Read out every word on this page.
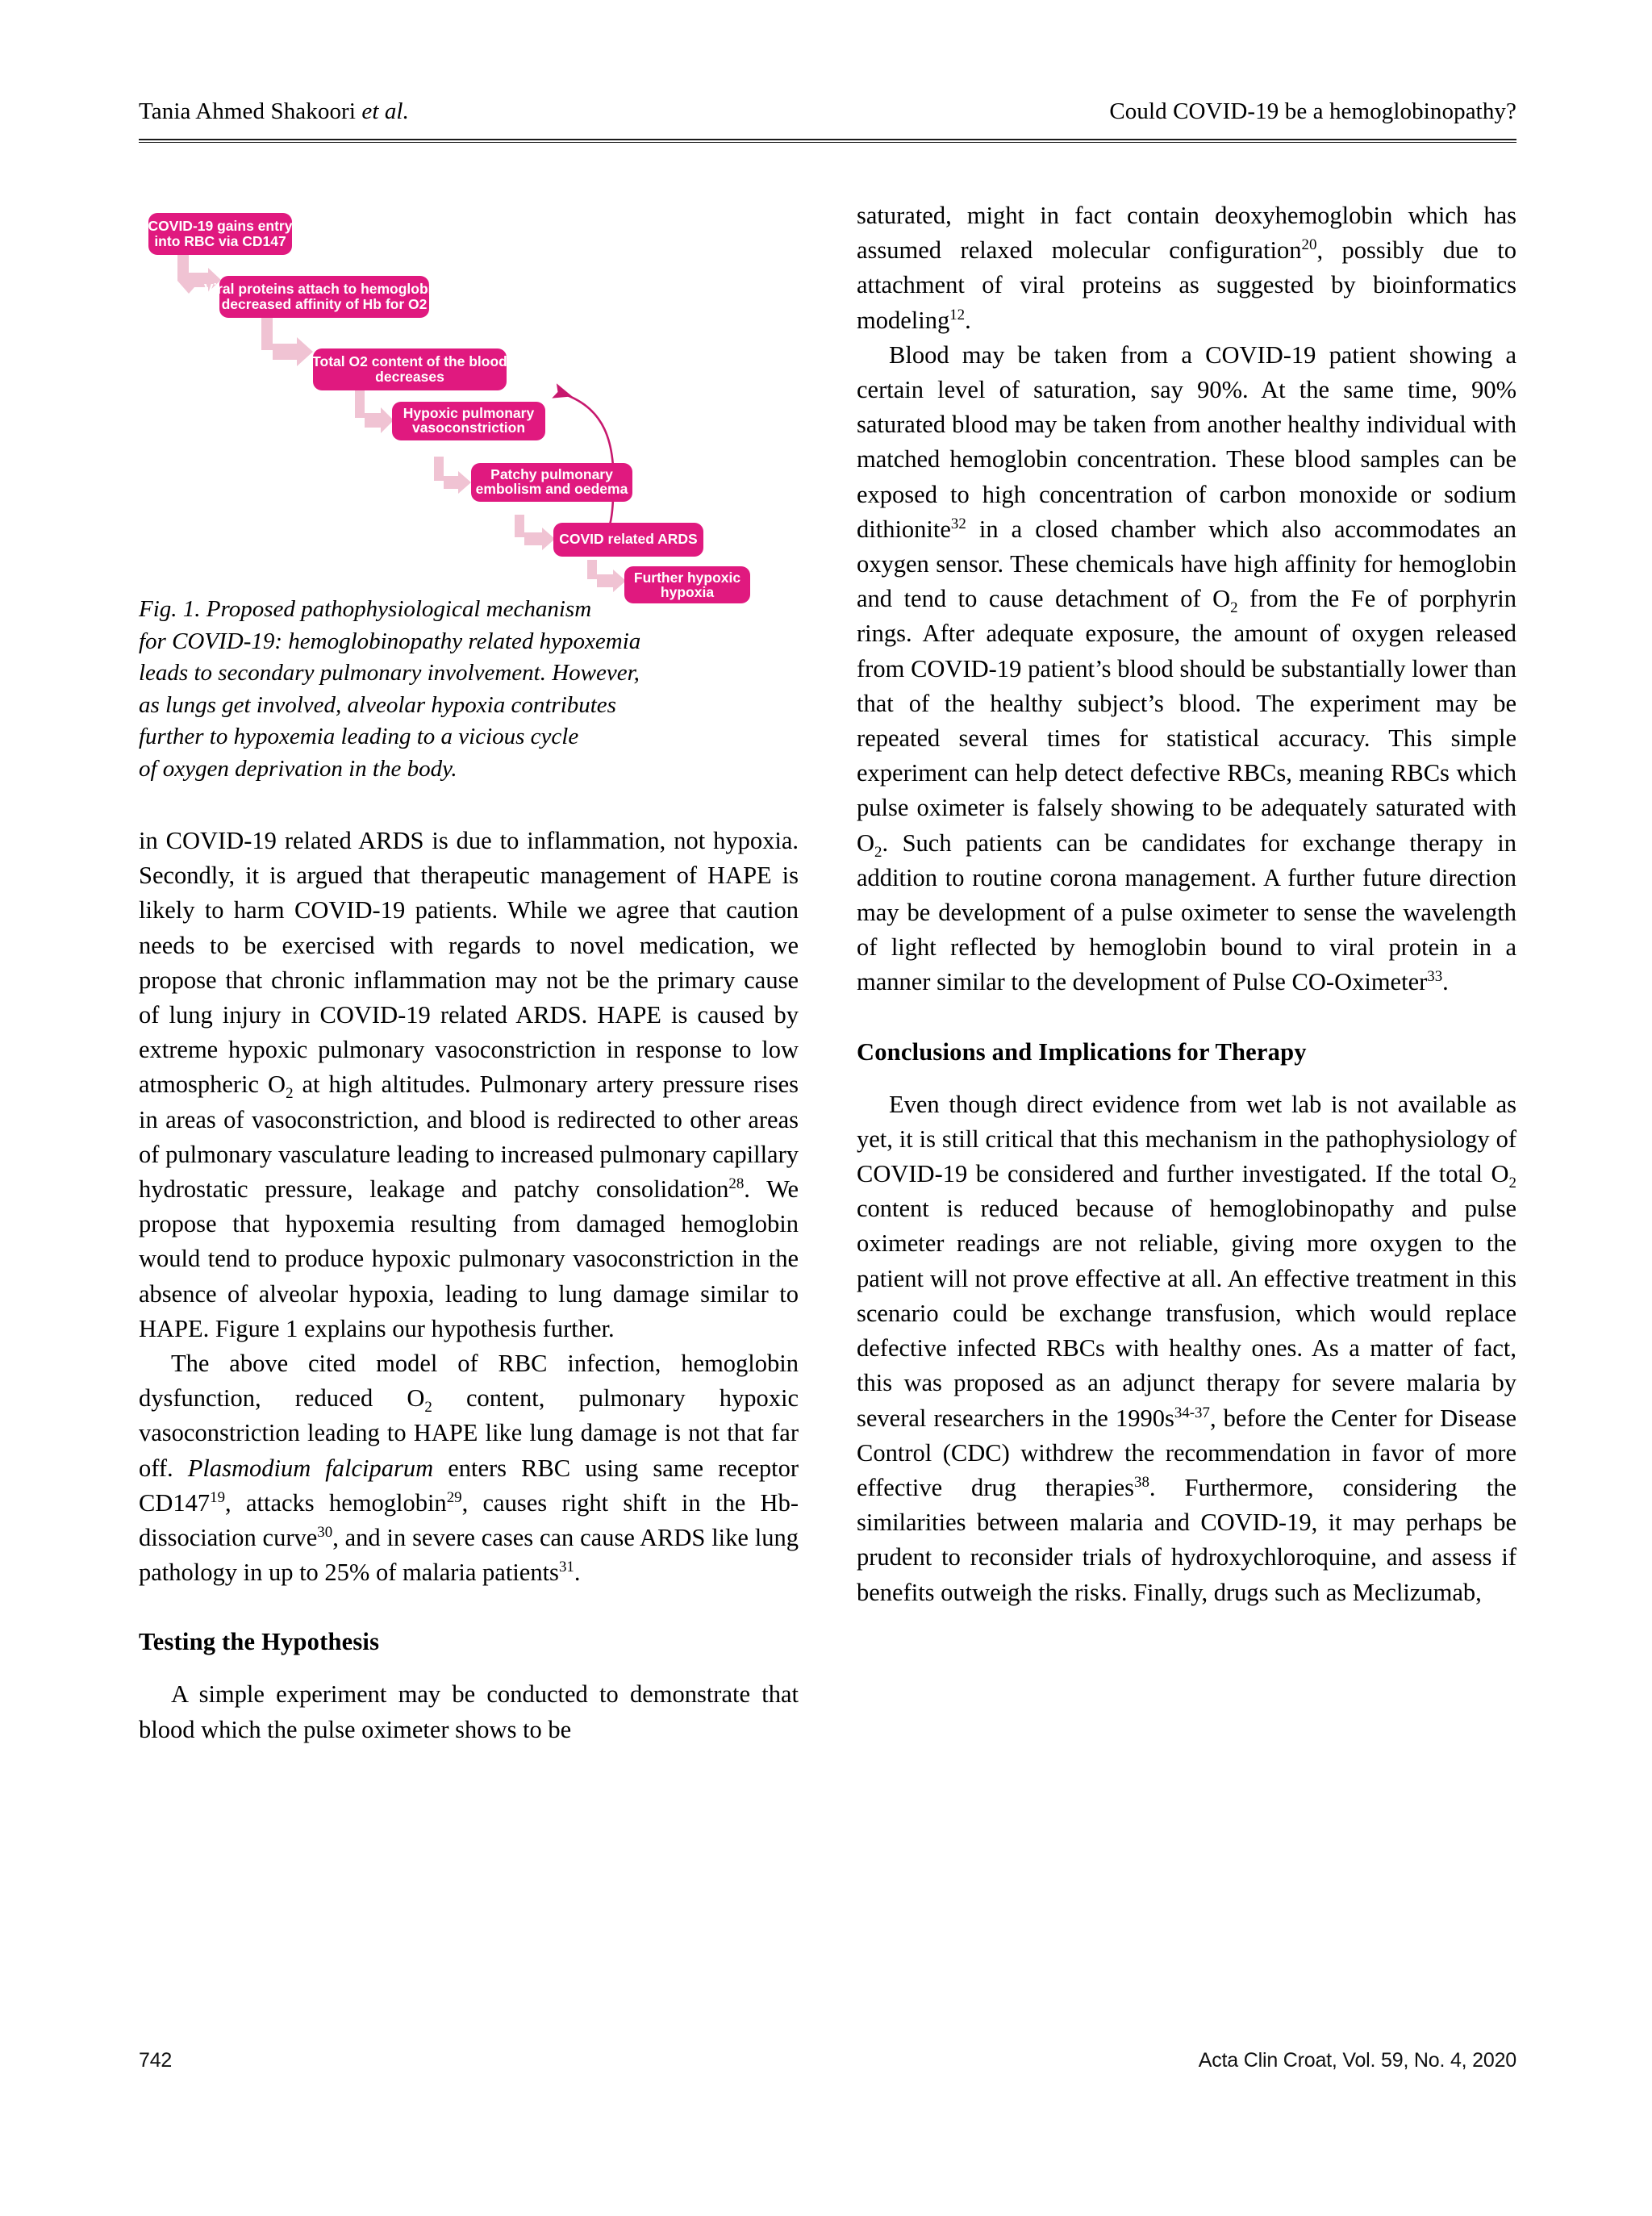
Tania Ahmed Shakoori et al.	Could COVID-19 be a hemoglobinopathy?
COVID-19 gains entry
into RBC via CD147
Viral proteins attach to hemoglobin,
decreased affinity of Hb for O2
Total O2 content of the blood
decreases
Hypoxic pulmonary
vasoconstriction
Patchy pulmonary
embolism and oedema
COVID related ARDS
Further hypoxic
hypoxia
Fig. 1. Proposed pathophysiological mechanism
for COVID-19: hemoglobinopathy related hypoxemia
leads to secondary pulmonary involvement. However,
as lungs get involved, alveolar hypoxia contributes
further to hypoxemia leading to a vicious cycle
of oxygen deprivation in the body.

in COVID-19 related ARDS is due to inflammation, not hypoxia. Secondly, it is argued that therapeutic management of HAPE is likely to harm COVID-19 patients. While we agree that caution needs to be exercised with regards to novel medication, we propose that chronic inflammation may not be the primary cause of lung injury in COVID-19 related ARDS. HAPE is caused by extreme hypoxic pulmonary vasoconstriction in response to low atmospheric $O_2$ at high altitudes. Pulmonary artery pressure rises in areas of vasoconstriction, and blood is redirected to other areas of pulmonary vasculature leading to increased pulmonary capillary hydrostatic pressure, leakage and patchy consolidation$^{28}$. We propose that hypoxemia resulting from damaged hemoglobin would tend to produce hypoxic pulmonary vasoconstriction in the absence of alveolar hypoxia, leading to lung damage similar to HAPE. Figure 1 explains our hypothesis further.

The above cited model of RBC infection, hemoglobin dysfunction, reduced $O_2$ content, pulmonary hypoxic vasoconstriction leading to HAPE like lung damage is not that far off. Plasmodium falciparum enters RBC using same receptor $CD147^{19}$, attacks hemoglobin$^{29}$, causes right shift in the Hb-dissociation curve$^{30}$, and in severe cases can cause ARDS like lung pathology in up to 25% of malaria patients$^{31}$.

Testing the Hypothesis

A simple experiment may be conducted to demonstrate that blood which the pulse oximeter shows to be

saturated, might in fact contain deoxyhemoglobin which has assumed relaxed molecular configuration$^{20}$, possibly due to attachment of viral proteins as suggested by bioinformatics modeling$^{12}$.

Blood may be taken from a COVID-19 patient showing a certain level of saturation, say 90%. At the same time, 90% saturated blood may be taken from another healthy individual with matched hemoglobin concentration. These blood samples can be exposed to high concentration of carbon monoxide or sodium dithionite$^{32}$ in a closed chamber which also accommodates an oxygen sensor. These chemicals have high affinity for hemoglobin and tend to cause detachment of $O_2$ from the Fe of porphyrin rings. After adequate exposure, the amount of oxygen released from COVID-19 patient’s blood should be substantially lower than that of the healthy subject’s blood. The experiment may be repeated several times for statistical accuracy. This simple experiment can help detect defective RBCs, meaning RBCs which pulse oximeter is falsely showing to be adequately saturated with $O_2$. Such patients can be candidates for exchange therapy in addition to routine corona management. A further future direction may be development of a pulse oximeter to sense the wavelength of light reflected by hemoglobin bound to viral protein in a manner similar to the development of Pulse CO-Oximeter$^{33}$.

Conclusions and Implications for Therapy

Even though direct evidence from wet lab is not available as yet, it is still critical that this mechanism in the pathophysiology of COVID-19 be considered and further investigated. If the total $O_2$ content is reduced because of hemoglobinopathy and pulse oximeter readings are not reliable, giving more oxygen to the patient will not prove effective at all. An effective treatment in this scenario could be exchange transfusion, which would replace defective infected RBCs with healthy ones. As a matter of fact, this was proposed as an adjunct therapy for severe malaria by several researchers in the $1990s^{34-37}$, before the Center for Disease Control (CDC) withdrew the recommendation in favor of more effective drug therapies$^{38}$. Furthermore, considering the similarities between malaria and COVID-19, it may perhaps be prudent to reconsider trials of hydroxychloroquine, and assess if benefits outweigh the risks. Finally, drugs such as Meclizumab,

742	Acta Clin Croat, Vol. 59, No. 4, 2020
